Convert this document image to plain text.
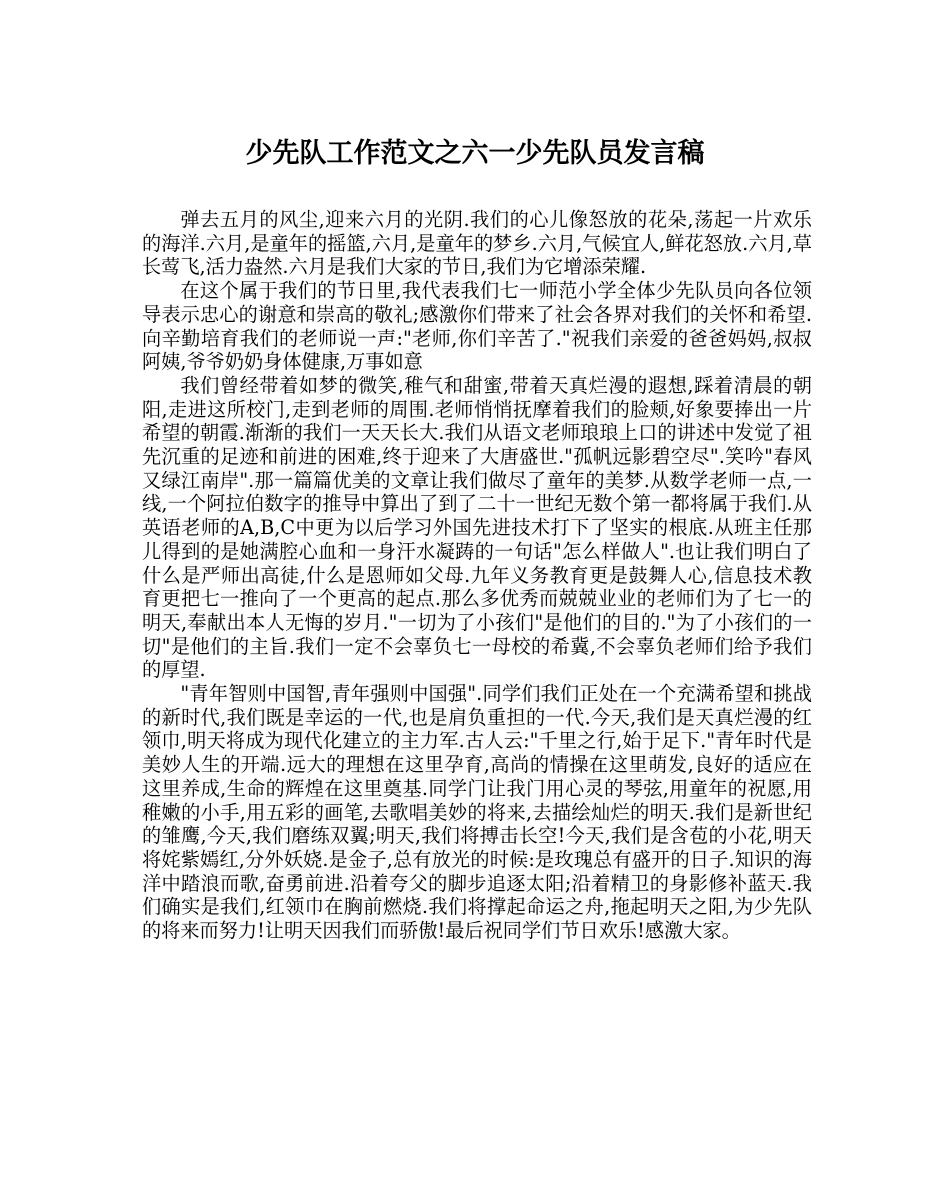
少先队工作范文之六一少先队员发言稿

弹去五月的风尘,迎来六月的光阴.我们的心儿像怒放的花朵,荡起一片欢乐的海洋.六月,是童年的摇篮,六月,是童年的梦乡.六月,气候宜人,鲜花怒放.六月,草长莺飞,活力盎然.六月是我们大家的节日,我们为它增添荣耀.

在这个属于我们的节日里,我代表我们七一师范小学全体少先队员向各位领导表示忠心的谢意和崇高的敬礼;感激你们带来了社会各界对我们的关怀和希望.向辛勤培育我们的老师说一声:"老师,你们辛苦了."祝我们亲爱的爸爸妈妈,叔叔阿姨,爷爷奶奶身体健康,万事如意

我们曾经带着如梦的微笑,稚气和甜蜜,带着天真烂漫的遐想,踩着清晨的朝阳,走进这所校门,走到老师的周围.老师悄悄抚摩着我们的脸颊,好象要捧出一片希望的朝霞.渐渐的我们一天天长大.我们从语文老师琅琅上口的讲述中发觉了祖先沉重的足迹和前进的困难,终于迎来了大唐盛世."孤帆远影碧空尽".笑吟"春风又绿江南岸".那一篇篇优美的文章让我们做尽了童年的美梦.从数学老师一点,一线,一个阿拉伯数字的推导中算出了到了二十一世纪无数个第一都将属于我们.从英语老师的A,B,C中更为以后学习外国先进技术打下了坚实的根底.从班主任那儿得到的是她满腔心血和一身汗水凝踌的一句话"怎么样做人".也让我们明白了什么是严师出高徒,什么是恩师如父母.九年义务教育更是鼓舞人心,信息技术教育更把七一推向了一个更高的起点.那么多优秀而兢兢业业的老师们为了七一的明天,奉献出本人无悔的岁月."一切为了小孩们"是他们的目的."为了小孩们的一切"是他们的主旨.我们一定不会辜负七一母校的希冀,不会辜负老师们给予我们的厚望.

"青年智则中国智,青年强则中国强".同学们我们正处在一个充满希望和挑战的新时代,我们既是幸运的一代,也是肩负重担的一代.今天,我们是天真烂漫的红领巾,明天将成为现代化建立的主力军.古人云:"千里之行,始于足下."青年时代是美妙人生的开端.远大的理想在这里孕育,高尚的情操在这里萌发,良好的适应在这里养成,生命的辉煌在这里奠基.同学门让我门用心灵的琴弦,用童年的祝愿,用稚嫩的小手,用五彩的画笔,去歌唱美妙的将来,去描绘灿烂的明天.我们是新世纪的雏鹰,今天,我们磨练双翼;明天,我们将搏击长空!今天,我们是含苞的小花,明天将姹紫嫣红,分外妖娆.是金子,总有放光的时候:是玫瑰总有盛开的日子.知识的海洋中踏浪而歌,奋勇前进.沿着夸父的脚步追逐太阳;沿着精卫的身影修补蓝天.我们确实是我们,红领巾在胸前燃烧.我们将撑起命运之舟,拖起明天之阳,为少先队的将来而努力!让明天因我们而骄傲!最后祝同学们节日欢乐!感激大家。
